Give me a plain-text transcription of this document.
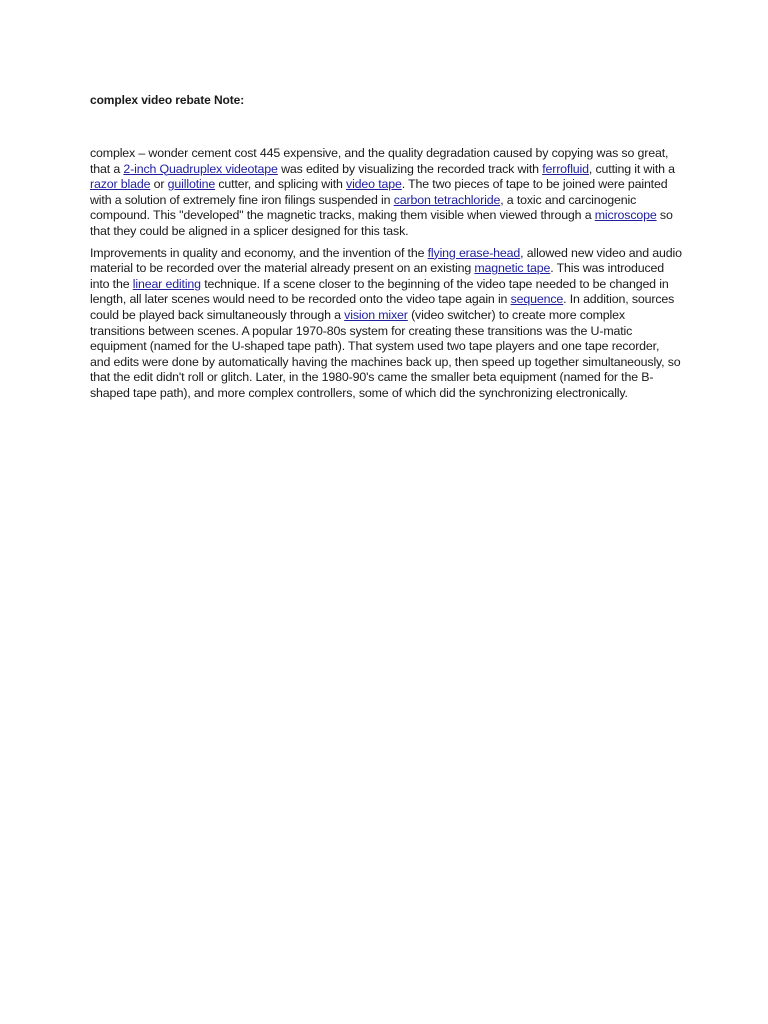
complex video rebate Note:

complex – wonder cement cost 445 expensive, and the quality degradation caused by copying was so great, that a 2-inch Quadruplex videotape was edited by visualizing the recorded track with ferrofluid, cutting it with a razor blade or guillotine cutter, and splicing with video tape. The two pieces of tape to be joined were painted with a solution of extremely fine iron filings suspended in carbon tetrachloride, a toxic and carcinogenic compound. This "developed" the magnetic tracks, making them visible when viewed through a microscope so that they could be aligned in a splicer designed for this task.

Improvements in quality and economy, and the invention of the flying erase-head, allowed new video and audio material to be recorded over the material already present on an existing magnetic tape. This was introduced into the linear editing technique. If a scene closer to the beginning of the video tape needed to be changed in length, all later scenes would need to be recorded onto the video tape again in sequence. In addition, sources could be played back simultaneously through a vision mixer (video switcher) to create more complex transitions between scenes. A popular 1970-80s system for creating these transitions was the U-matic equipment (named for the U-shaped tape path). That system used two tape players and one tape recorder, and edits were done by automatically having the machines back up, then speed up together simultaneously, so that the edit didn't roll or glitch. Later, in the 1980-90's came the smaller beta equipment (named for the B-shaped tape path), and more complex controllers, some of which did the synchronizing electronically.
